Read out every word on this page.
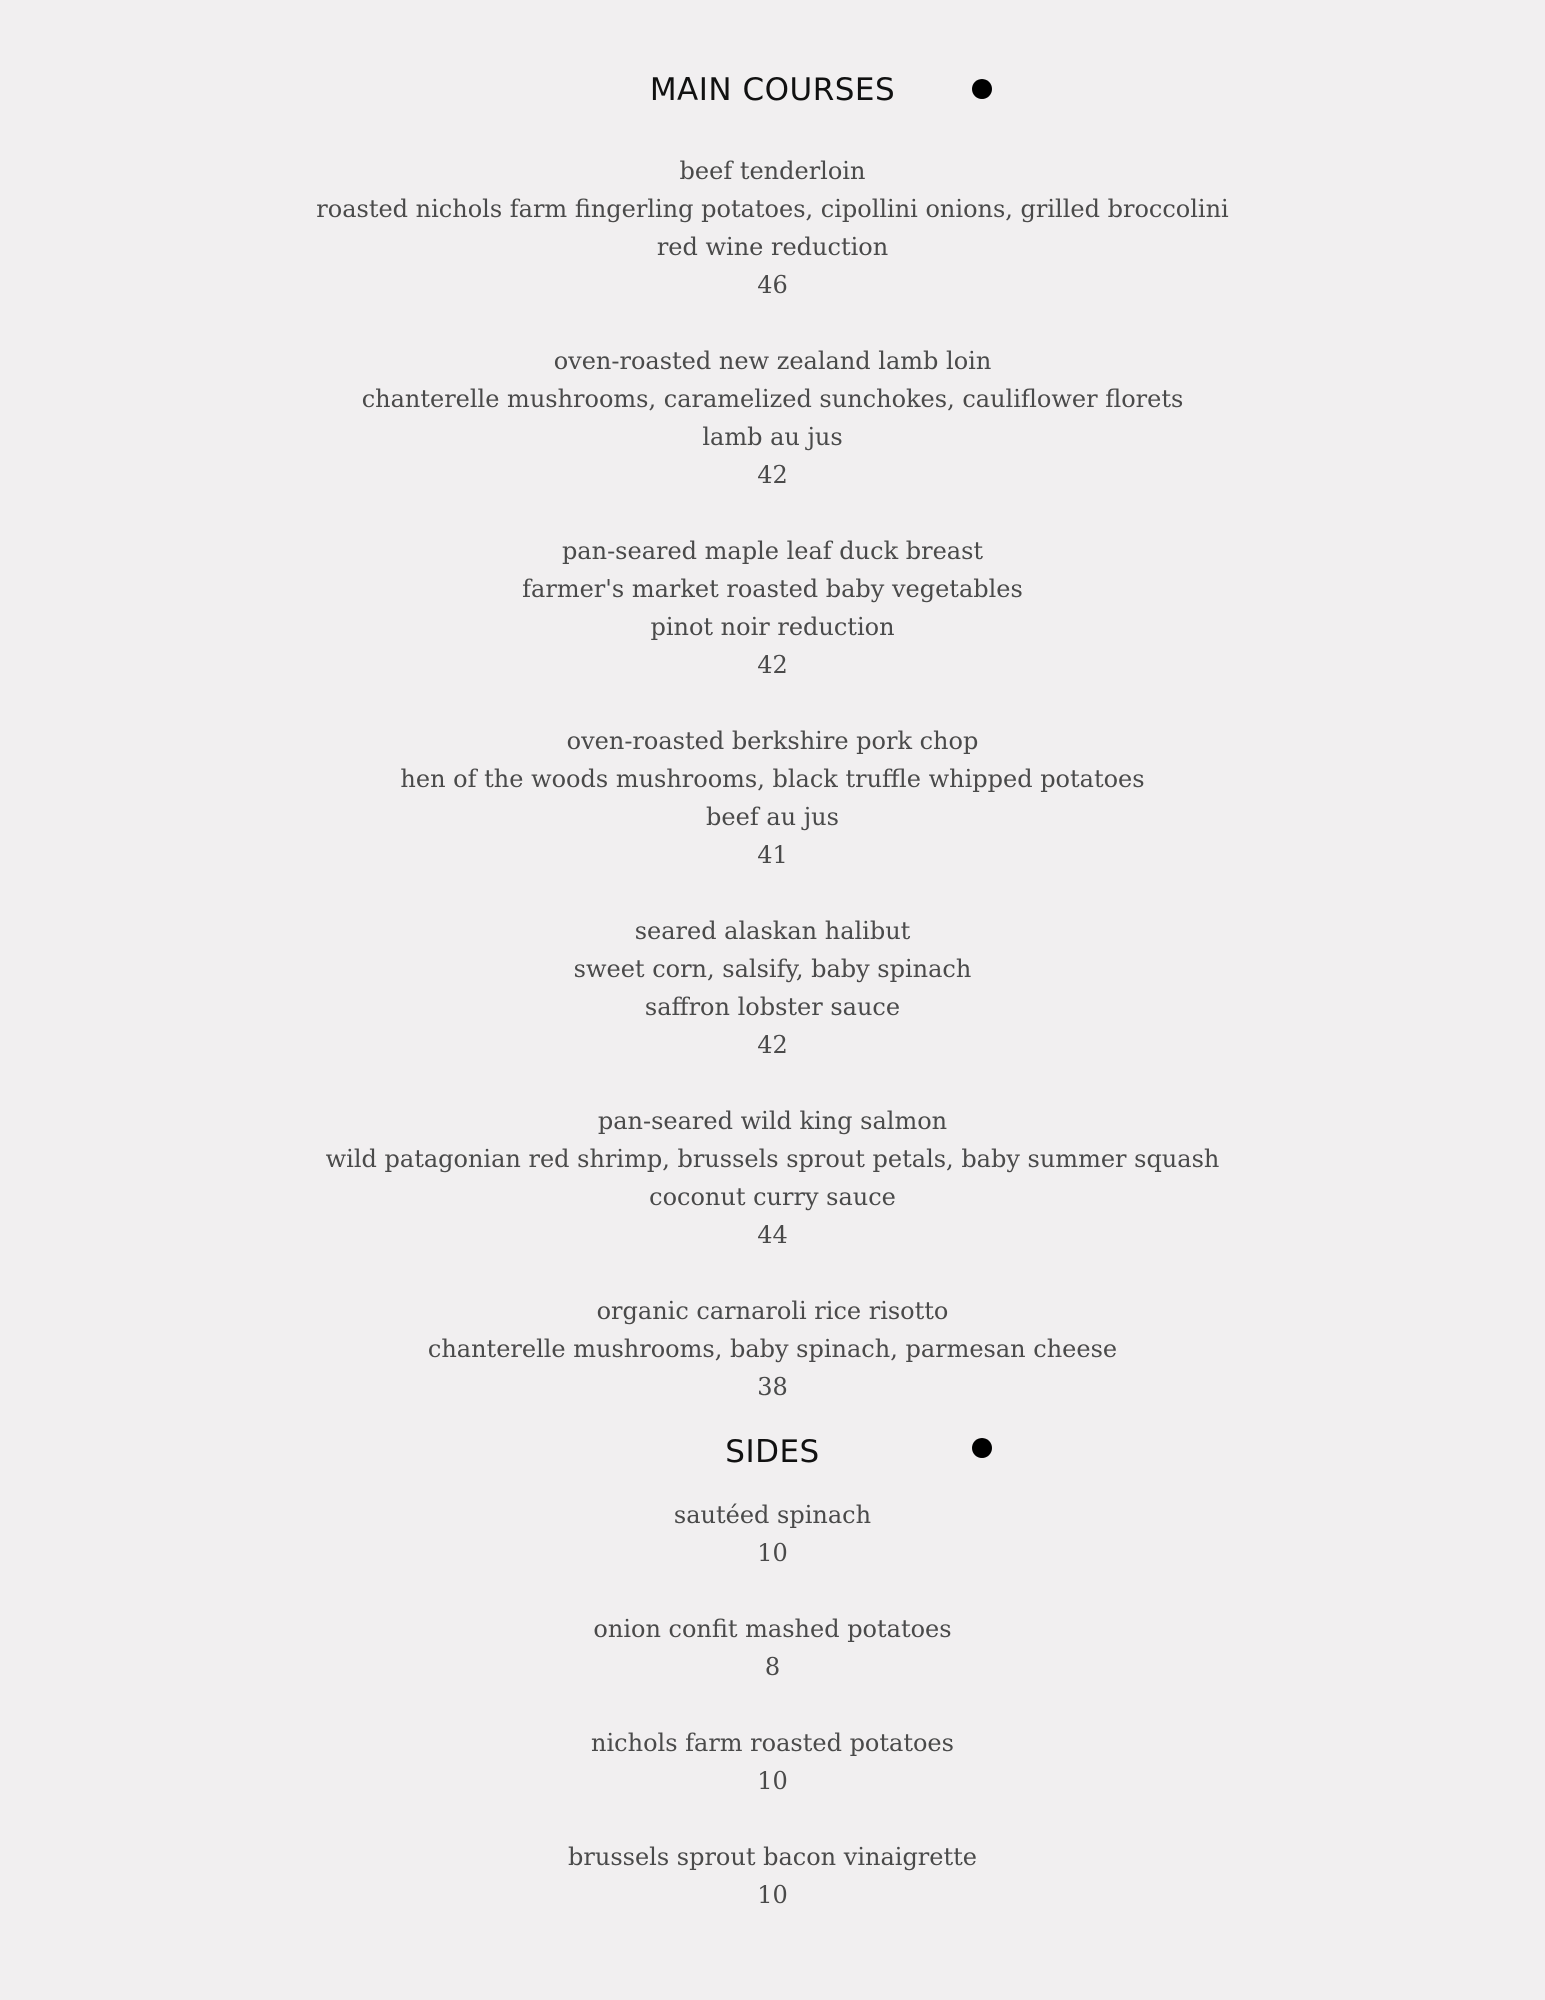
MAIN COURSES
beef tenderloin
roasted nichols farm fingerling potatoes, cipollini onions, grilled broccolini
red wine reduction
46
oven-roasted new zealand lamb loin
chanterelle mushrooms, caramelized sunchokes, cauliflower florets
lamb au jus
42
pan-seared maple leaf duck breast
farmer's market roasted baby vegetables
pinot noir reduction
42
oven-roasted berkshire pork chop
hen of the woods mushrooms, black truffle whipped potatoes
beef au jus
41
seared alaskan halibut
sweet corn, salsify, baby spinach
saffron lobster sauce
42
pan-seared wild king salmon
wild patagonian red shrimp, brussels sprout petals, baby summer squash
coconut curry sauce
44
organic carnaroli rice risotto
chanterelle mushrooms, baby spinach, parmesan cheese
38
SIDES
sautéed spinach
10
onion confit mashed potatoes
8
nichols farm roasted potatoes
10
brussels sprout bacon vinaigrette
10
